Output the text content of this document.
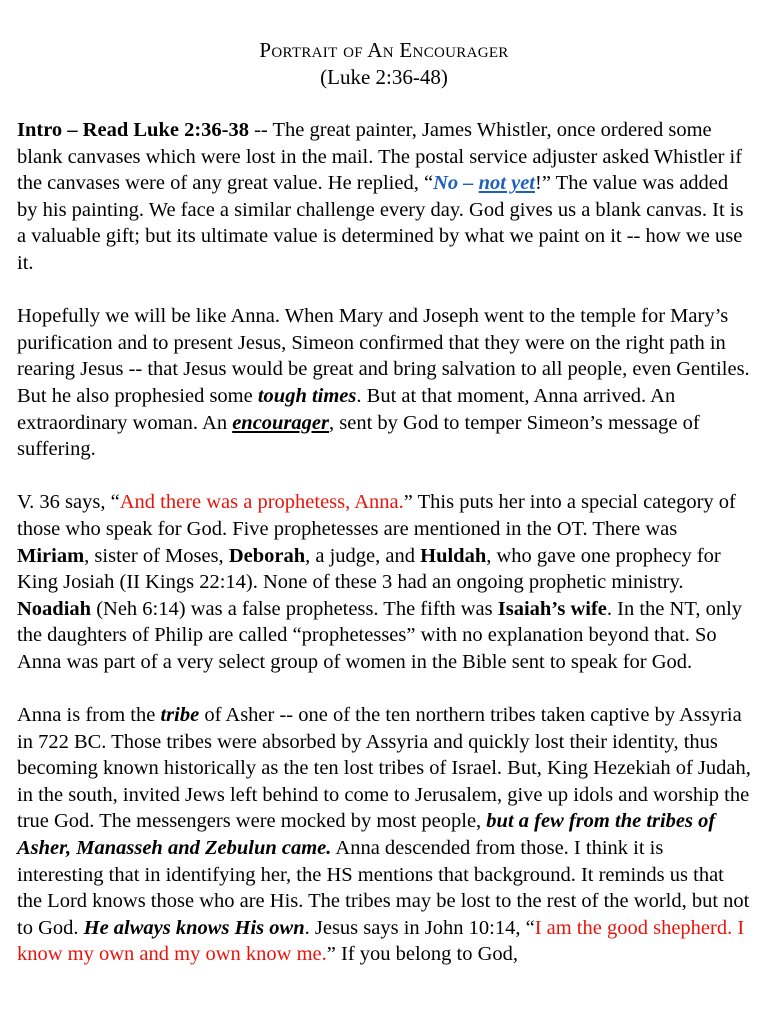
Portrait of An Encourager
(Luke 2:36-48)

Intro – Read Luke 2:36-38 -- The great painter, James Whistler, once ordered some blank canvases which were lost in the mail. The postal service adjuster asked Whistler if the canvases were of any great value. He replied, “No – not yet!” The value was added by his painting. We face a similar challenge every day. God gives us a blank canvas. It is a valuable gift; but its ultimate value is determined by what we paint on it -- how we use it.

Hopefully we will be like Anna. When Mary and Joseph went to the temple for Mary’s purification and to present Jesus, Simeon confirmed that they were on the right path in rearing Jesus -- that Jesus would be great and bring salvation to all people, even Gentiles. But he also prophesied some tough times. But at that moment, Anna arrived. An extraordinary woman. An encourager, sent by God to temper Simeon’s message of suffering.

V. 36 says, “And there was a prophetess, Anna.” This puts her into a special category of those who speak for God. Five prophetesses are mentioned in the OT. There was Miriam, sister of Moses, Deborah, a judge, and Huldah, who gave one prophecy for King Josiah (II Kings 22:14). None of these 3 had an ongoing prophetic ministry. Noadiah (Neh 6:14) was a false prophetess. The fifth was Isaiah’s wife. In the NT, only the daughters of Philip are called “prophetesses” with no explanation beyond that. So Anna was part of a very select group of women in the Bible sent to speak for God.

Anna is from the tribe of Asher -- one of the ten northern tribes taken captive by Assyria in 722 BC. Those tribes were absorbed by Assyria and quickly lost their identity, thus becoming known historically as the ten lost tribes of Israel. But, King Hezekiah of Judah, in the south, invited Jews left behind to come to Jerusalem, give up idols and worship the true God. The messengers were mocked by most people, but a few from the tribes of Asher, Manasseh and Zebulun came. Anna descended from those. I think it is interesting that in identifying her, the HS mentions that background. It reminds us that the Lord knows those who are His. The tribes may be lost to the rest of the world, but not to God. He always knows His own. Jesus says in John 10:14, “I am the good shepherd. I know my own and my own know me.” If you belong to God,
